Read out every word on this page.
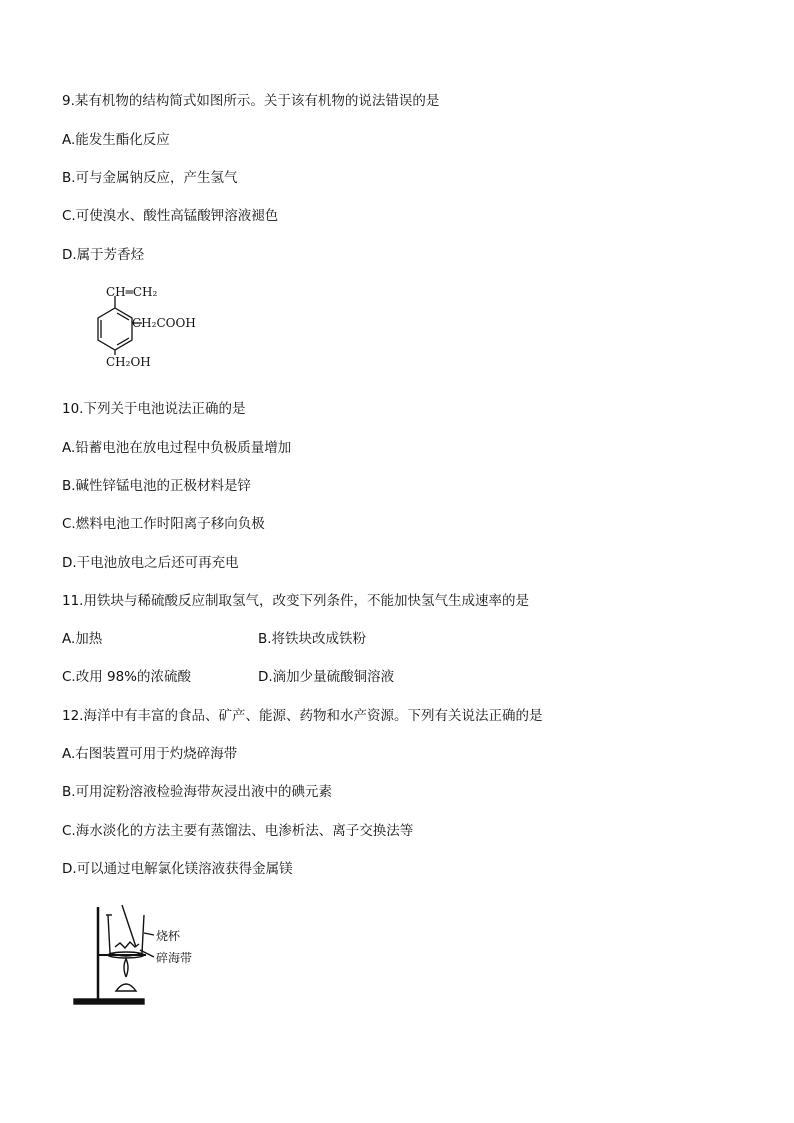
9.某有机物的结构简式如图所示。关于该有机物的说法错误的是
A.能发生酯化反应
B.可与金属钠反应，产生氢气
C.可使溴水、酸性高锰酸钾溶液褪色
D.属于芳香烃
CH═CH₂
CH₂COOH
CH₂OH
10.下列关于电池说法正确的是
A.铅蓄电池在放电过程中负极质量增加
B.碱性锌锰电池的正极材料是锌
C.燃料电池工作时阳离子移向负极
D.干电池放电之后还可再充电
11.用铁块与稀硫酸反应制取氢气，改变下列条件，不能加快氢气生成速率的是
A.加热	B.将铁块改成铁粉
C.改用 98%的浓硫酸	D.滴加少量硫酸铜溶液
12.海洋中有丰富的食品、矿产、能源、药物和水产资源。下列有关说法正确的是
A.右图装置可用于灼烧碎海带
B.可用淀粉溶液检验海带灰浸出液中的碘元素
C.海水淡化的方法主要有蒸馏法、电渗析法、离子交换法等
D.可以通过电解氯化镁溶液获得金属镁
烧杯
碎海带
